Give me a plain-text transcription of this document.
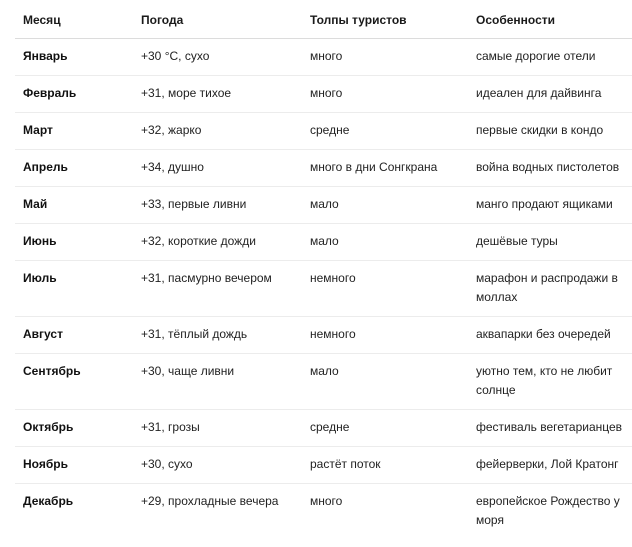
Месяц	Погода	Толпы туристов	Особенности
Январь	+30 °C, сухо	много	самые дорогие отели
Февраль	+31, море тихое	много	идеален для дайвинга
Март	+32, жарко	средне	первые скидки в кондо
Апрель	+34, душно	много в дни Сонгкрана	война водных пистолетов
Май	+33, первые ливни	мало	манго продают ящиками
Июнь	+32, короткие дожди	мало	дешёвые туры
Июль	+31, пасмурно вечером	немного	марафон и распродажи в моллах
Август	+31, тёплый дождь	немного	аквапарки без очередей
Сентябрь	+30, чаще ливни	мало	уютно тем, кто не любит солнце
Октябрь	+31, грозы	средне	фестиваль вегетарианцев
Ноябрь	+30, сухо	растёт поток	фейерверки, Лой Кратонг
Декабрь	+29, прохладные вечера	много	европейское Рождество у моря
